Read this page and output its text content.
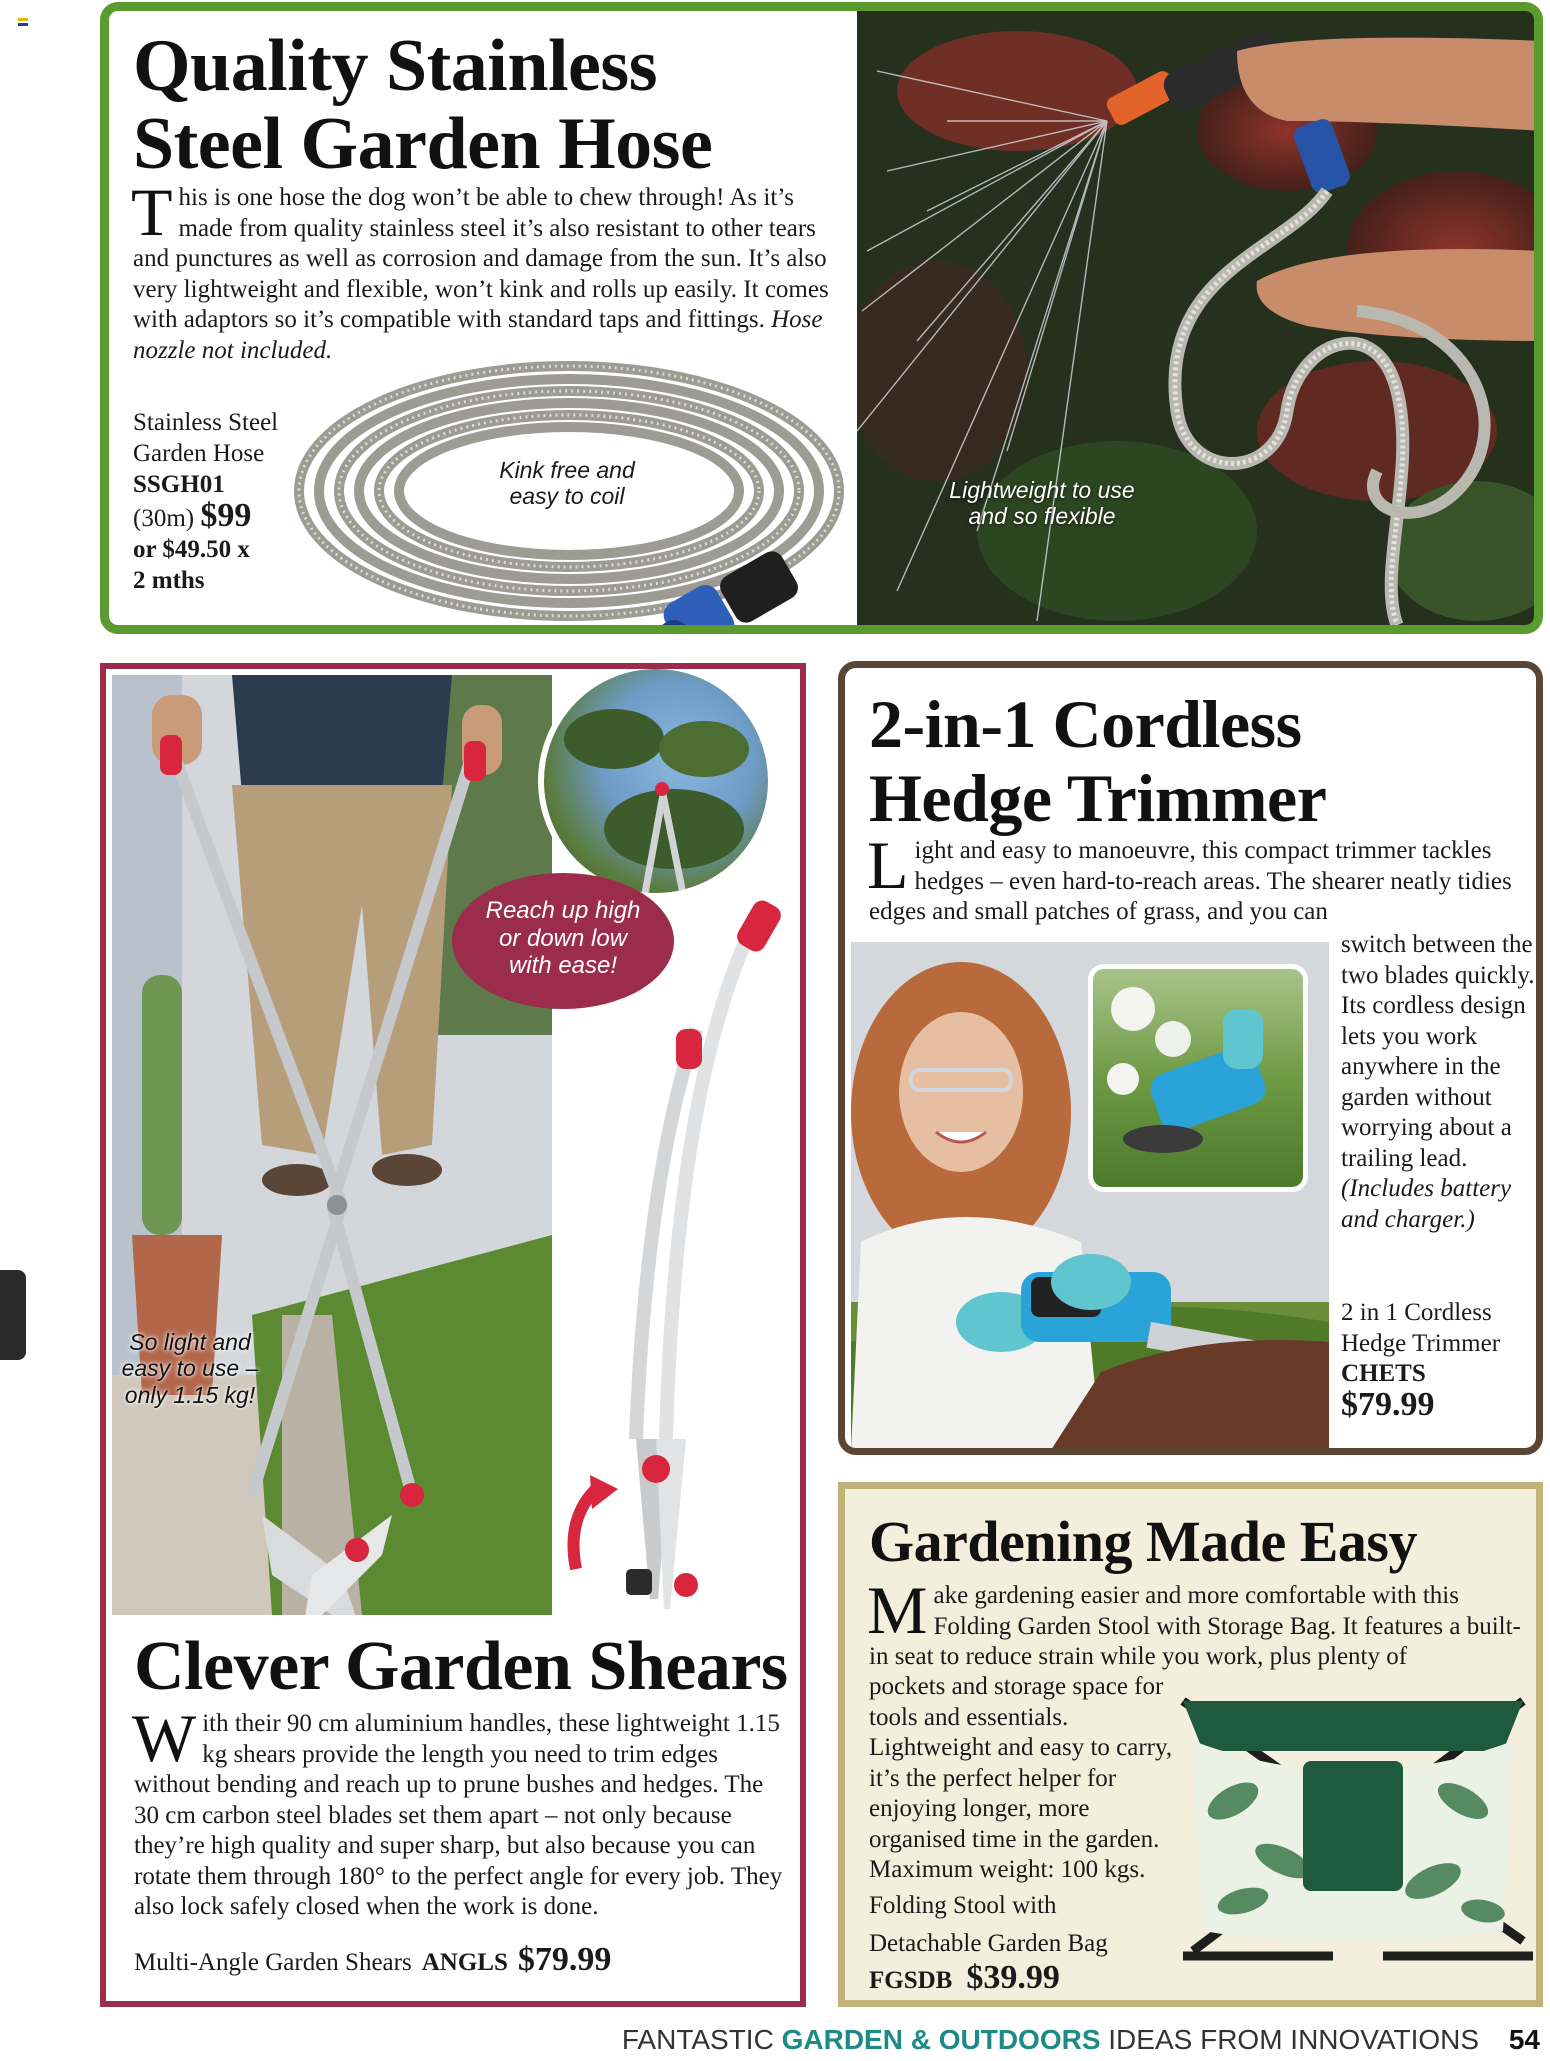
Lightweight to use and so flexible
Quality Stainless
Steel Garden Hose
This is one hose the dog won’t be able to chew through! As it’s made from quality stainless steel it’s also resistant to other tears and punctures as well as corrosion and damage from the sun. It’s also very lightweight and flexible, won’t kink and rolls up easily. It comes with adaptors so it’s compatible with standard taps and fittings. Hose nozzle not included.
Kink free and easy to coil
Stainless Steel
Garden Hose
SSGH01
(30m) $99
or $49.50 x
2 mths
Reach up high or down low with ease!
So light and easy to use – only 1.15 kg!
Clever Garden Shears
With their 90 cm aluminium handles, these lightweight 1.15 kg shears provide the length you need to trim edges without bending and reach up to prune bushes and hedges. The 30 cm carbon steel blades set them apart – not only because they’re high quality and super sharp, but also because you can rotate them through 180° to the perfect angle for every job. They also lock safely closed when the work is done.
Multi-Angle Garden Shears ANGLS $79.99
2-in-1 Cordless
Hedge Trimmer
Light and easy to manoeuvre, this compact trimmer tackles hedges – even hard-to-reach areas. The shearer neatly tidies edges and small patches of grass, and you can
switch between the two blades quickly. Its cordless design lets you work anywhere in the garden without worrying about a trailing lead. (Includes battery and charger.)
2 in 1 Cordless
Hedge Trimmer
CHETS
$79.99
Gardening Made Easy
Make gardening easier and more comfortable with this Folding Garden Stool with Storage Bag. It features a built-in seat to reduce strain while you work, plus plenty of
pockets and storage space for tools and essentials. Lightweight and easy to carry, it’s the perfect helper for enjoying longer, more organised time in the garden. Maximum weight: 100 kgs.
Folding Stool with
Detachable Garden Bag
FGSDB $39.99
FANTASTIC GARDEN & OUTDOORS IDEAS FROM INNOVATIONS 54
